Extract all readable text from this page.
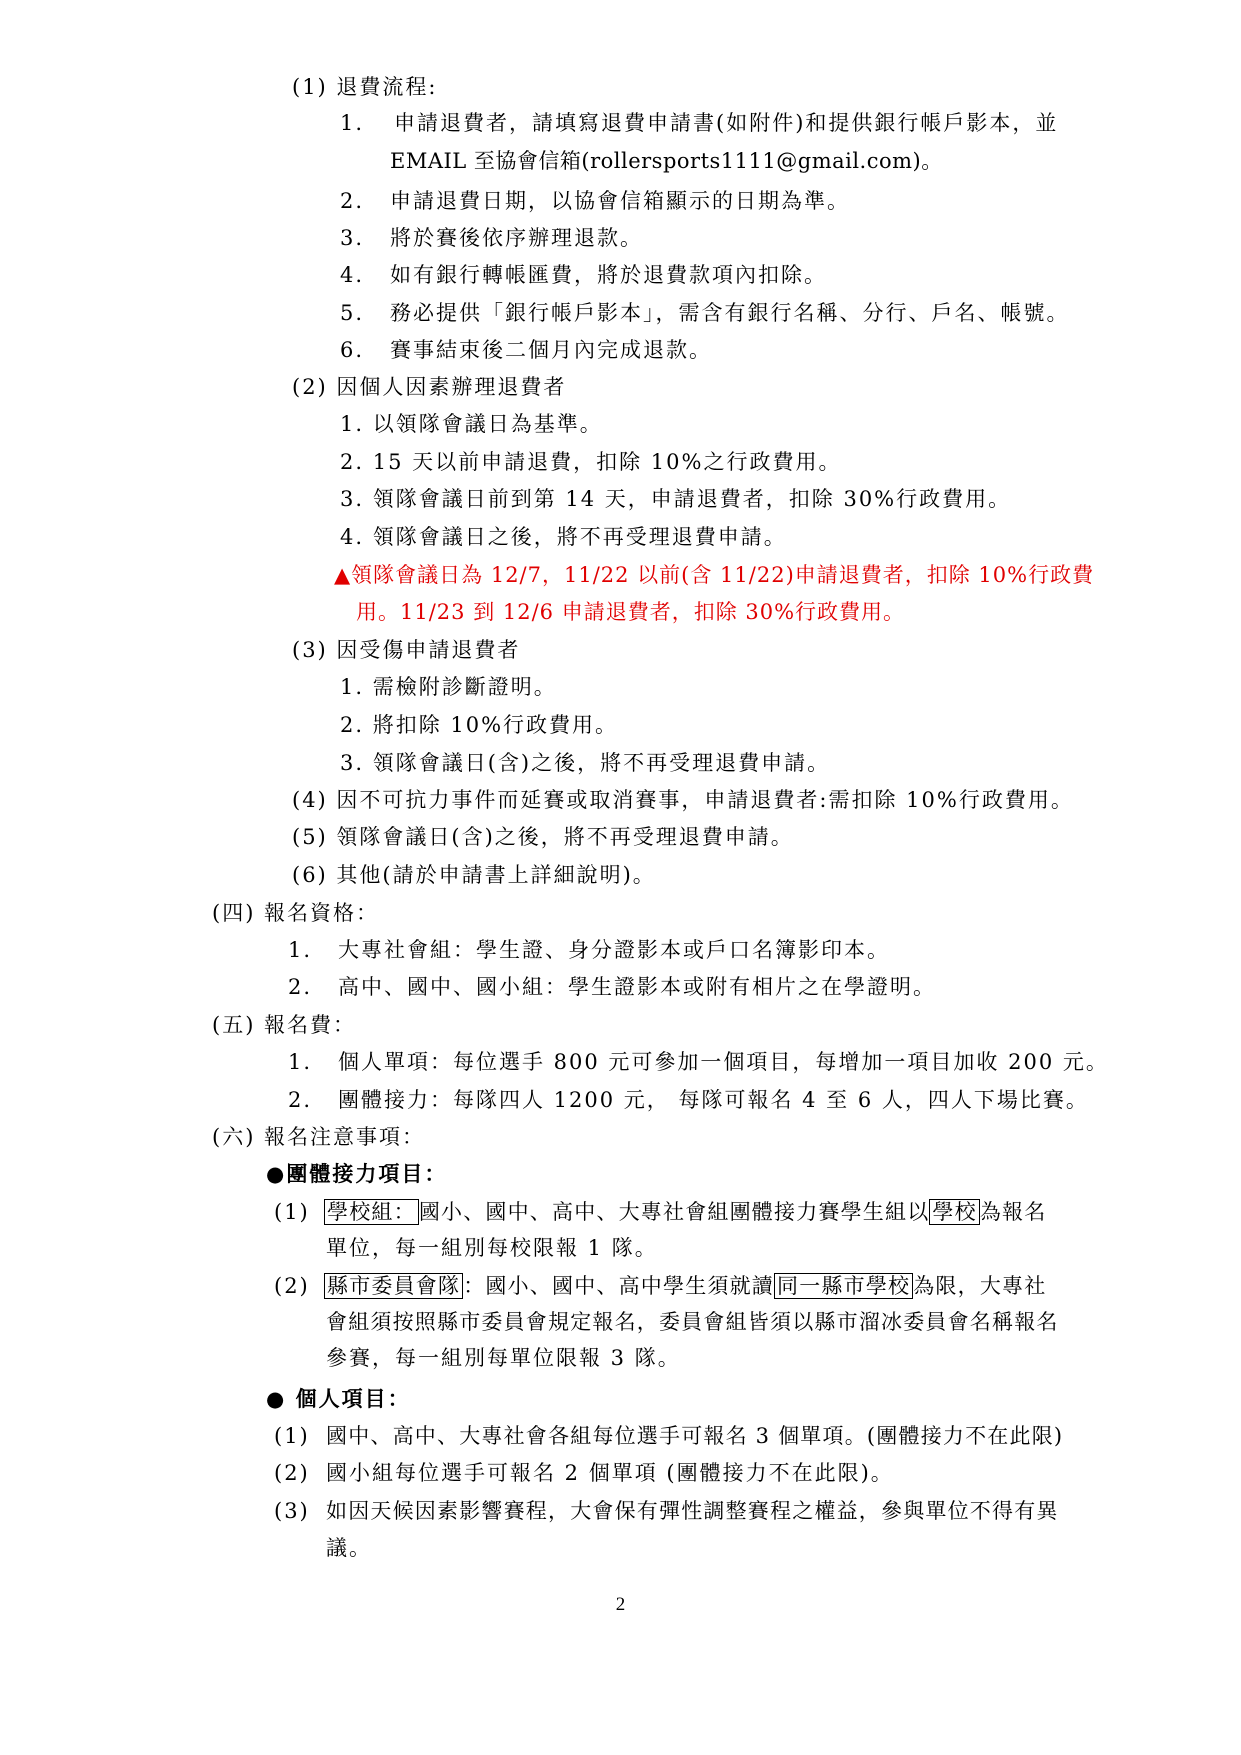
(1) 退費流程:
1. 申請退費者，請填寫退費申請書(如附件)和提供銀行帳戶影本，並
EMAIL 至協會信箱(rollersports1111@gmail.com)。
2. 申請退費日期，以協會信箱顯示的日期為準。
3. 將於賽後依序辦理退款。
4. 如有銀行轉帳匯費，將於退費款項內扣除。
5. 務必提供「銀行帳戶影本」，需含有銀行名稱、分行、戶名、帳號。
6. 賽事結束後二個月內完成退款。
(2) 因個人因素辦理退費者
1. 以領隊會議日為基準。
2. 15 天以前申請退費，扣除 10%之行政費用。
3. 領隊會議日前到第 14 天，申請退費者，扣除 30%行政費用。
4. 領隊會議日之後，將不再受理退費申請。
▲領隊會議日為 12/7，11/22 以前(含 11/22)申請退費者，扣除 10%行政費
用。11/23 到 12/6 申請退費者，扣除 30%行政費用。
(3) 因受傷申請退費者
1. 需檢附診斷證明。
2. 將扣除 10%行政費用。
3. 領隊會議日(含)之後，將不再受理退費申請。
(4) 因不可抗力事件而延賽或取消賽事，申請退費者:需扣除 10%行政費用。
(5) 領隊會議日(含)之後，將不再受理退費申請。
(6) 其他(請於申請書上詳細說明)。
(四) 報名資格：
1. 大專社會組：學生證、身分證影本或戶口名簿影印本。
2. 高中、國中、國小組：學生證影本或附有相片之在學證明。
(五) 報名費：
1. 個人單項：每位選手 800 元可參加一個項目，每增加一項目加收 200 元。
2. 團體接力：每隊四人 1200 元， 每隊可報名 4 至 6 人，四人下場比賽。
(六) 報名注意事項：
●團體接力項目：
(1) 學校組： 國小、國中、高中、大專社會組團體接力賽學生組以 學校 為報名
單位，每一組別每校限報 1 隊。
(2) 縣市委員會隊 ：國小、國中、高中學生須就讀 同一縣市學校 為限，大專社
會組須按照縣市委員會規定報名，委員會組皆須以縣市溜冰委員會名稱報名
參賽，每一組別每單位限報 3 隊。
● 個人項目：
(1) 國中、高中、大專社會各組每位選手可報名 3 個單項。(團體接力不在此限)
(2) 國小組每位選手可報名 2 個單項 (團體接力不在此限)。
(3) 如因天候因素影響賽程，大會保有彈性調整賽程之權益，參與單位不得有異
議。
2
